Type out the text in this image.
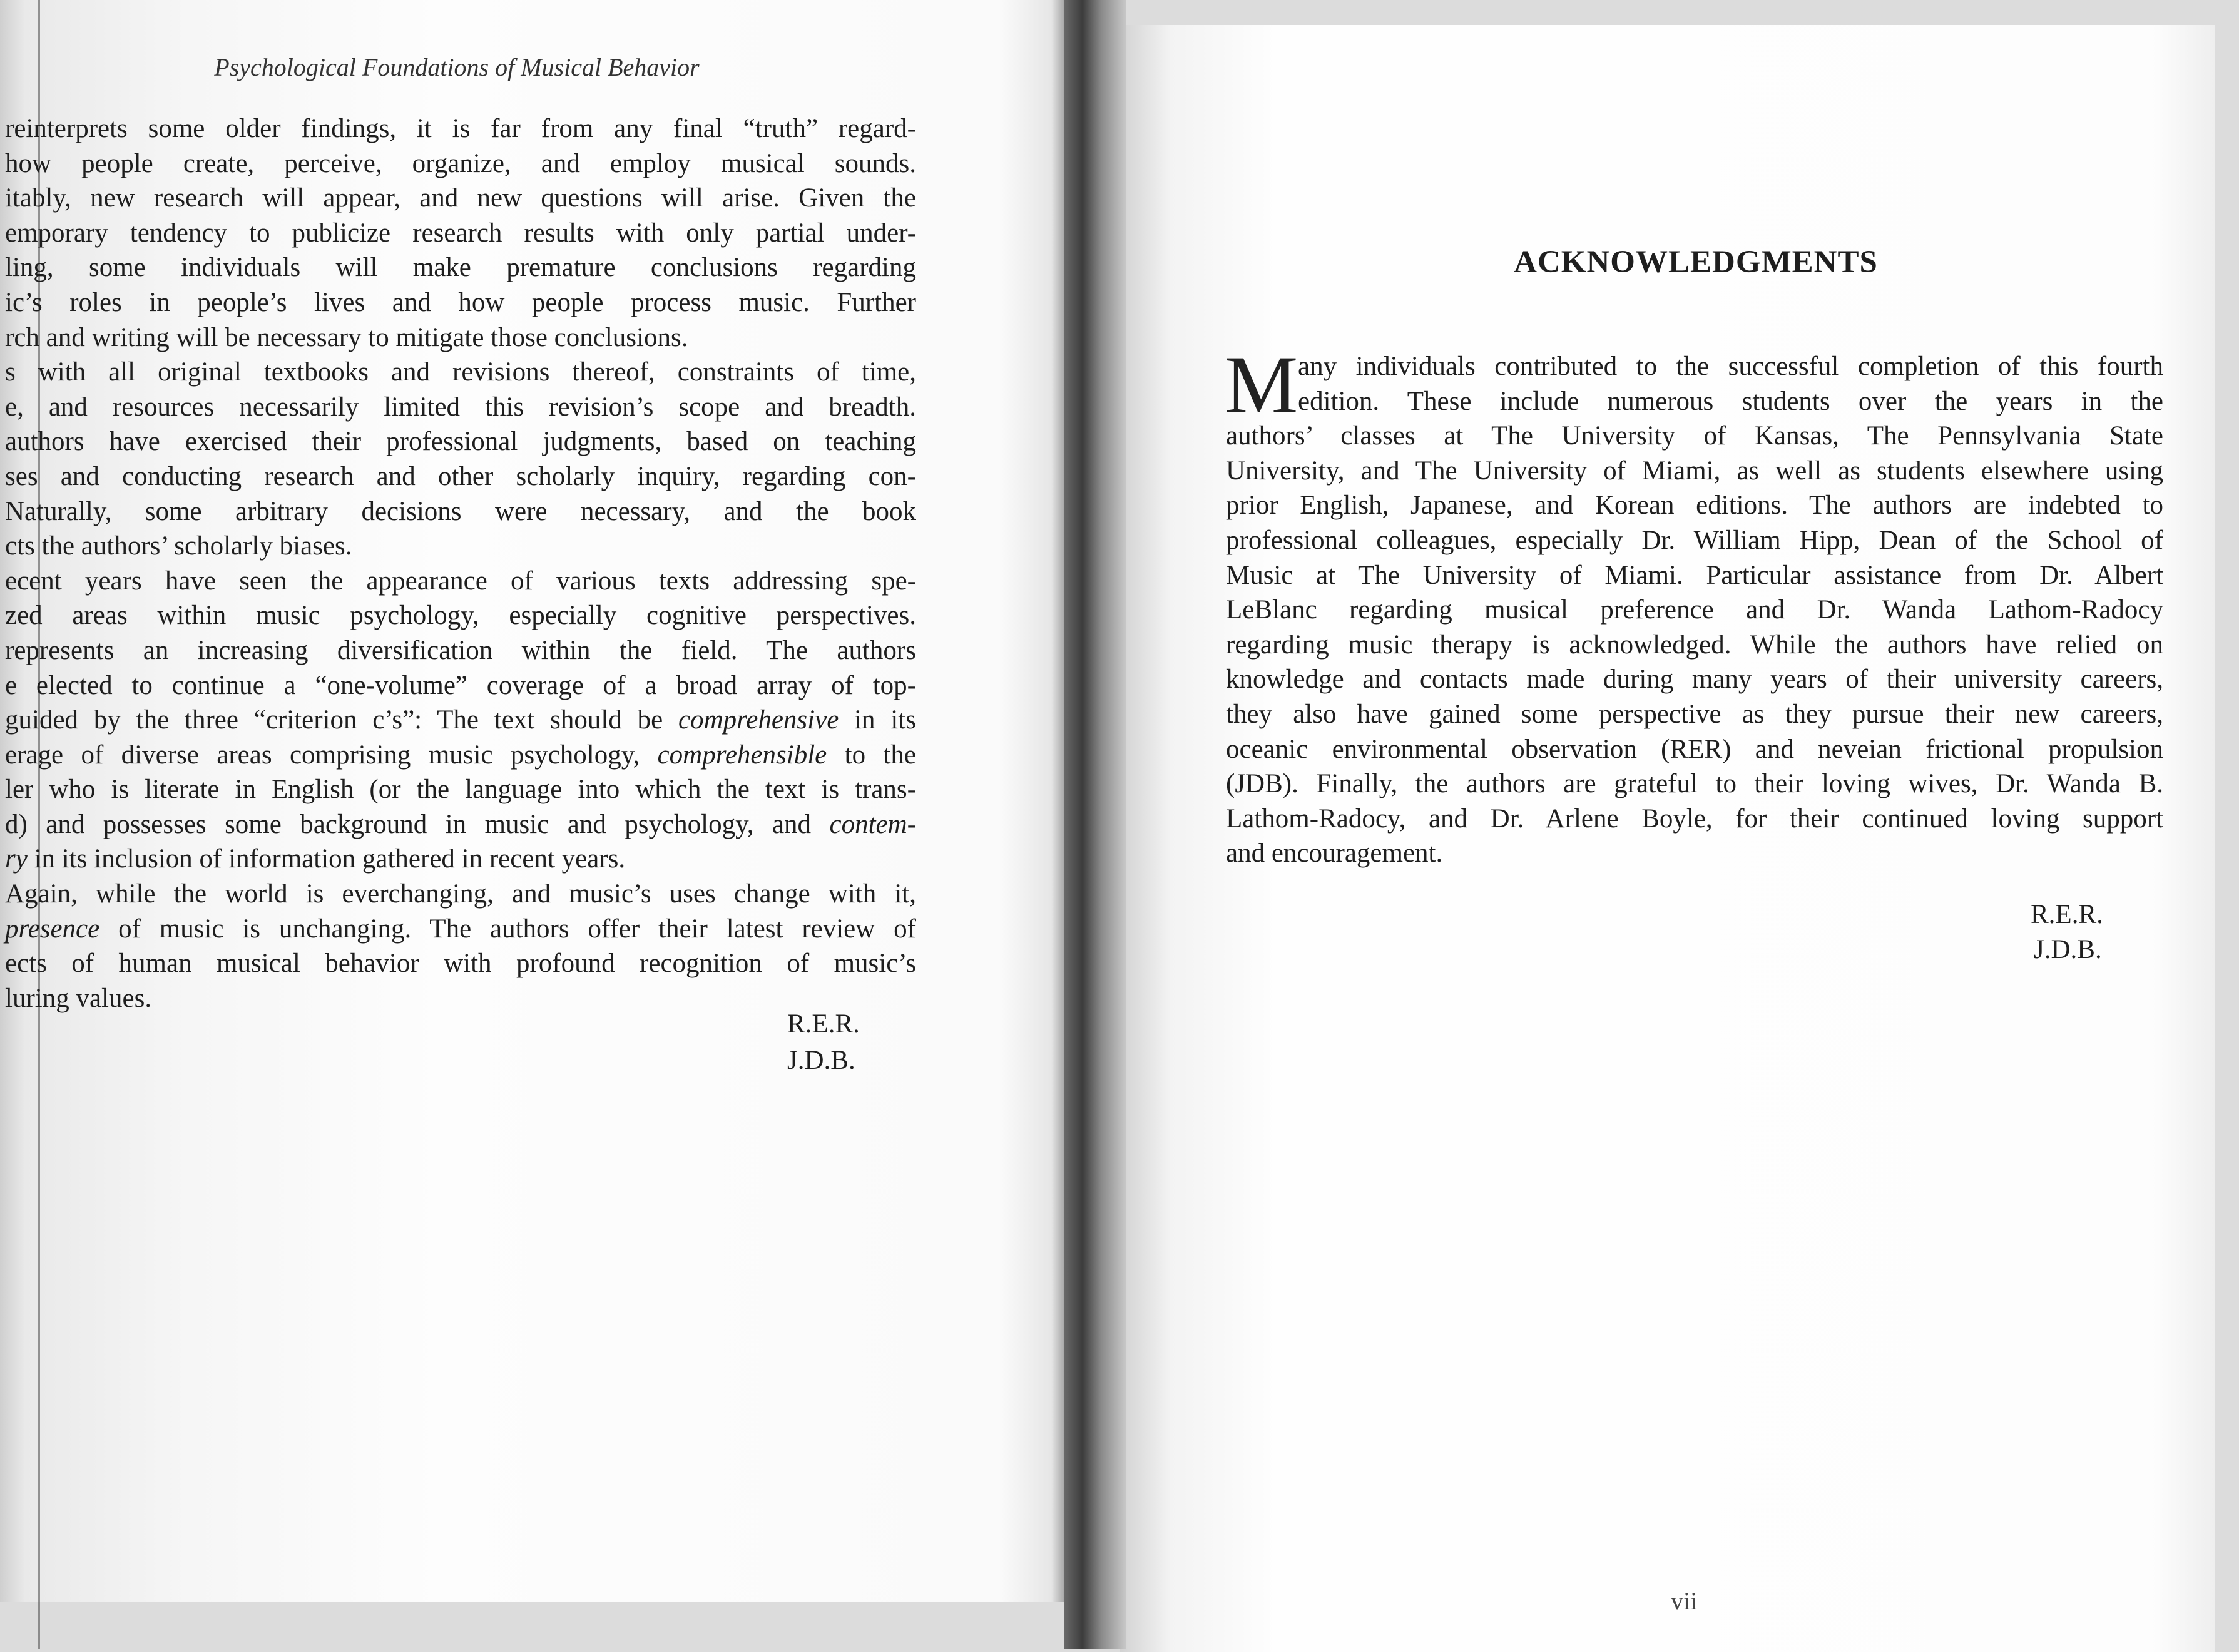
Psychological Foundations of Musical Behavior
reinterprets some older findings, it is far from any final “truth” regard-
how people create, perceive, organize, and employ musical sounds.
itably, new research will appear, and new questions will arise. Given the
emporary tendency to publicize research results with only partial under-
ling, some individuals will make premature conclusions regarding
ic’s roles in people’s lives and how people process music. Further
rch and writing will be necessary to mitigate those conclusions.
s with all original textbooks and revisions thereof, constraints of time,
e, and resources necessarily limited this revision’s scope and breadth.
authors have exercised their professional judgments, based on teaching
ses and conducting research and other scholarly inquiry, regarding con-
Naturally, some arbitrary decisions were necessary, and the book
cts the authors’ scholarly biases.
ecent years have seen the appearance of various texts addressing spe-
zed areas within music psychology, especially cognitive perspectives.
represents an increasing diversification within the field. The authors
e elected to continue a “one-volume” coverage of a broad array of top-
guided by the three “criterion c’s”: The text should be comprehensive in its
erage of diverse areas comprising music psychology, comprehensible to the
ler who is literate in English (or the language into which the text is trans-
d) and possesses some background in music and psychology, and contem-
ry in its inclusion of information gathered in recent years.
Again, while the world is everchanging, and music’s uses change with it,
presence of music is unchanging. The authors offer their latest review of
ects of human musical behavior with profound recognition of music’s
luring values.
R.E.R.
J.D.B.
ACKNOWLEDGMENTS
M any individuals contributed to the successful completion of this fourth
edition. These include numerous students over the years in the
authors’ classes at The University of Kansas, The Pennsylvania State
University, and The University of Miami, as well as students elsewhere using
prior English, Japanese, and Korean editions. The authors are indebted to
professional colleagues, especially Dr. William Hipp, Dean of the School of
Music at The University of Miami. Particular assistance from Dr. Albert
LeBlanc regarding musical preference and Dr. Wanda Lathom-Radocy
regarding music therapy is acknowledged. While the authors have relied on
knowledge and contacts made during many years of their university careers,
they also have gained some perspective as they pursue their new careers,
oceanic environmental observation (RER) and neveian frictional propulsion
(JDB). Finally, the authors are grateful to their loving wives, Dr. Wanda B.
Lathom-Radocy, and Dr. Arlene Boyle, for their continued loving support
and encouragement.
R.E.R.
J.D.B.
vii
